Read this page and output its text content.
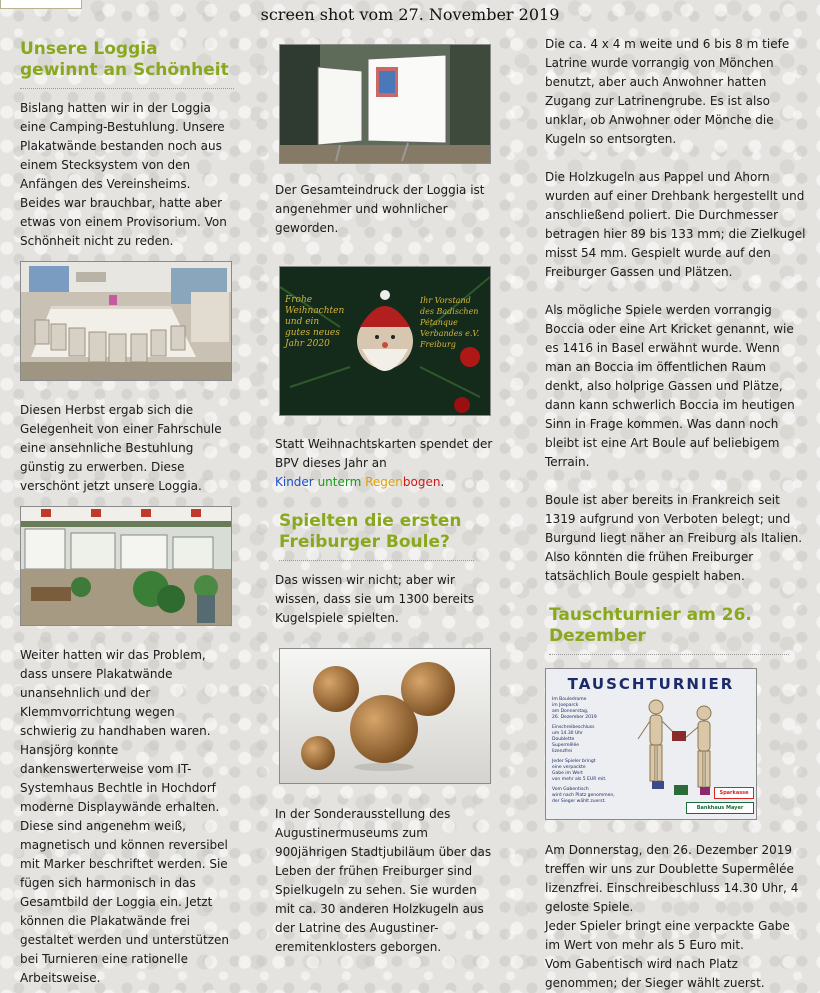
screen shot vom 27. November 2019
Unsere Loggia gewinnt an Schönheit

Bislang hatten wir in der Loggia eine Camping-Bestuhlung. Unsere Plakatwände bestanden noch aus einem Stecksystem von den Anfängen des Vereinsheims. Beides war brauchbar, hatte aber etwas von einem Provisorium. Von Schönheit nicht zu reden.

Diesen Herbst ergab sich die Gelegenheit von einer Fahrschule eine ansehnliche Bestuhlung günstig zu erwerben. Diese verschönt jetzt unsere Loggia.

Weiter hatten wir das Problem, dass unsere Plakatwände unansehnlich und der Klemmvorrichtung wegen schwierig zu handhaben waren. Hansjörg konnte dankenswerterweise vom IT-Systemhaus Bechtle in Hochdorf moderne Displaywände erhalten. Diese sind angenehm weiß, magnetisch und können reversibel mit Marker beschriftet werden. Sie fügen sich harmonisch in das Gesamtbild der Loggia ein. Jetzt können die Plakatwände frei gestaltet werden und unterstützen bei Turnieren eine rationelle Arbeitsweise.

Der Gesamteindruck der Loggia ist angenehmer und wohnlicher geworden.

Frohe
Weihnachten
und ein
gutes neues
Jahr 2020
Ihr Vorstand
des Badischen
Pétanque
Verbandes e.V.
Freiburg

Statt Weihnachtskarten spendet der BPV dieses Jahr an
Kinder unterm Regenbogen.

Spielten die ersten Freiburger Boule?

Das wissen wir nicht; aber wir wissen, dass sie um 1300 bereits Kugelspiele spielten.

In der Sonderausstellung des Augustinermuseums zum 900jährigen Stadtjubiläum über das Leben der frühen Freiburger sind Spielkugeln zu sehen. Sie wurden mit ca. 30 anderen Holzkugeln aus der Latrine des Augustiner-eremitenklosters geborgen.

Die ca. 4 x 4 m weite und 6 bis 8 m tiefe Latrine wurde vorrangig von Mönchen benutzt, aber auch Anwohner hatten Zugang zur Latrinengrube. Es ist also unklar, ob Anwohner oder Mönche die Kugeln so entsorgten.

Die Holzkugeln aus Pappel und Ahorn wurden auf einer Drehbank hergestellt und anschließend poliert. Die Durchmesser betragen hier 89 bis 133 mm; die Zielkugel misst 54 mm. Gespielt wurde auf den Freiburger Gassen und Plätzen.

Als mögliche Spiele werden vorrangig Boccia oder eine Art Kricket genannt, wie es 1416 in Basel erwähnt wurde. Wenn man an Boccia im öffentlichen Raum denkt, also holprige Gassen und Plätze, dann kann schwerlich Boccia im heutigen Sinn in Frage kommen. Was dann noch bleibt ist eine Art Boule auf beliebigem Terrain.

Boule ist aber bereits in Frankreich seit 1319 aufgrund von Verboten belegt; und Burgund liegt näher an Freiburg als Italien. Also könnten die frühen Freiburger tatsächlich Boule gespielt haben.

Tauschturnier am 26. Dezember
TAUSCHTURNIER
Im Bouledrome
im Joeparck
am Donnerstag,
26. Dezember 2019
Einschreibeschluss
um 14.30 Uhr
Doublette
Supermêlée
lizenzfrei
Jeder Spieler bringt
eine verpackte
Gabe im Wert
von mehr als 5 EUR mit.
Vom Gabentisch
wird nach Platz genommen,
der Sieger wählt zuerst.
Sparkasse
Bankhaus Mayer

Am Donnerstag, den 26. Dezember 2019 treffen wir uns zur Doublette Supermêlée lizenzfrei. Einschreibeschluss 14.30 Uhr, 4 geloste Spiele.
Jeder Spieler bringt eine verpackte Gabe im Wert von mehr als 5 Euro mit.
Vom Gabentisch wird nach Platz genommen; der Sieger wählt zuerst.
